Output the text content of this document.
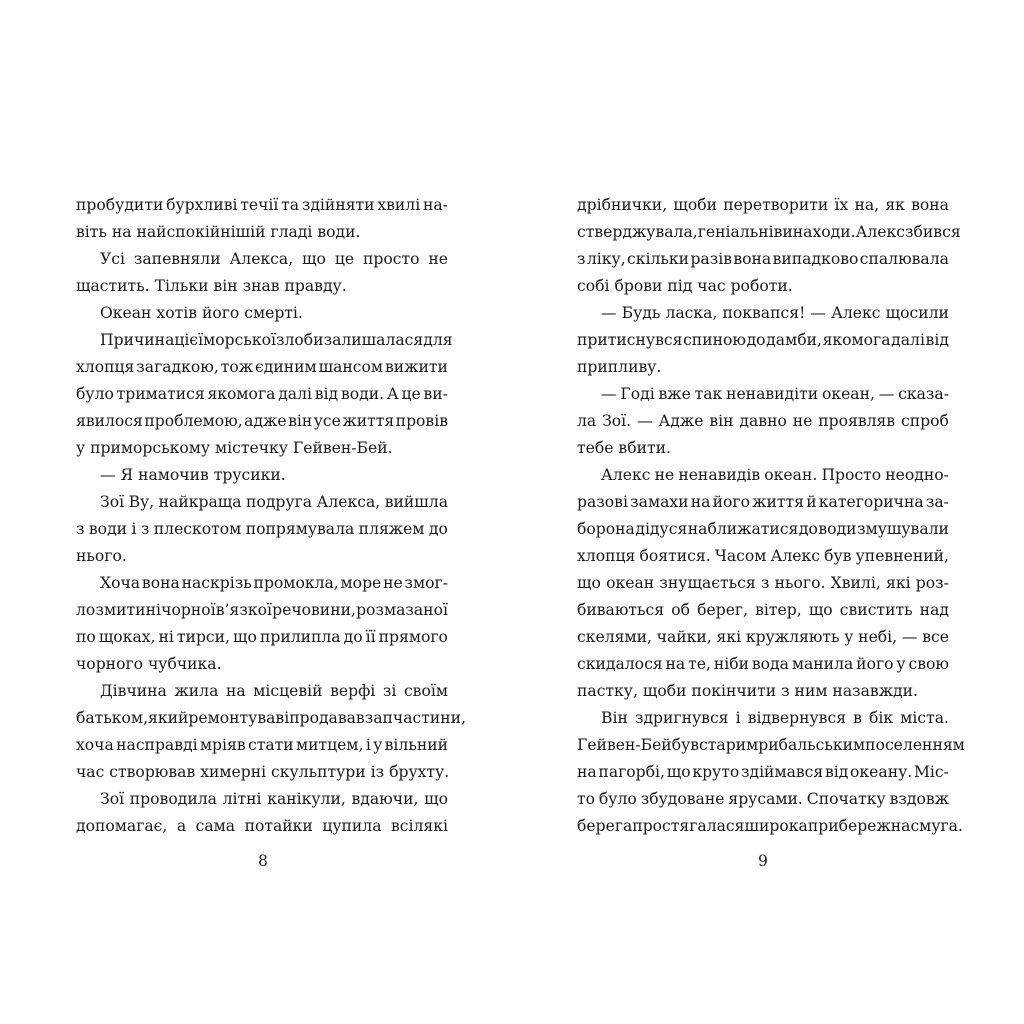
пробудити бурхливі течії та здійняти хвилі на-
віть на найспокійнішій гладі води.
Усі запевняли Алекса, що це просто не
щастить. Тільки він знав правду.
Океан хотів його смерті.
Причина цієї морської злоби залишалася для
хлопця загадкою, тож єдиним шансом вижити
було триматися якомога далі від води. А це ви-
явилося проблемою, адже він усе життя провів
у приморському містечку Гейвен-Бей.
— Я намочив трусики.
Зої Ву, найкраща подруга Алекса, вийшла
з води і з плескотом попрямувала пляжем до
нього.
Хоча вона наскрізь промокла, море не змог-
ло змити ні чорної в’язкої речовини, розмазаної
по щоках, ні тирси, що прилипла до її прямого
чорного чубчика.
Дівчина жила на місцевій верфі зі своїм
батьком, який ремонтував і продавав запчастини,
хоча насправді мріяв стати митцем, і у вільний
час створював химерні скульптури із брухту.
Зої проводила літні канікули, вдаючи, що
допомагає, а сама потайки цупила всілякі
8
дрібнички, щоби перетворити їх на, як вона
стверджувала, геніальні винаходи. Алекс збився
з ліку, скільки разів вона випадково спалювала
собі брови під час роботи.
— Будь ласка, поквапся! — Алекс щосили
притиснувся спиною до дамби, якомога далі від
припливу.
— Годі вже так ненавидіти океан, — сказа-
ла Зої. — Адже він давно не проявляв спроб
тебе вбити.
Алекс не ненавидів океан. Просто неодно-
разові замахи на його життя й категорична за-
борона дідуся наближатися до води змушували
хлопця боятися. Часом Алекс був упевнений,
що океан знущається з нього. Хвилі, які роз-
биваються об берег, вітер, що свистить над
скелями, чайки, які кружляють у небі, — все
скидалося на те, ніби вода манила його у свою
пастку, щоби покінчити з ним назавжди.
Він здригнувся і відвернувся в бік міста.
Гейвен-Бей був старим рибальським поселенням
на пагорбі, що круто здіймався від океану. Міс-
то було збудоване ярусами. Спочатку вздовж
берега простягалася широка прибережна смуга.
9
